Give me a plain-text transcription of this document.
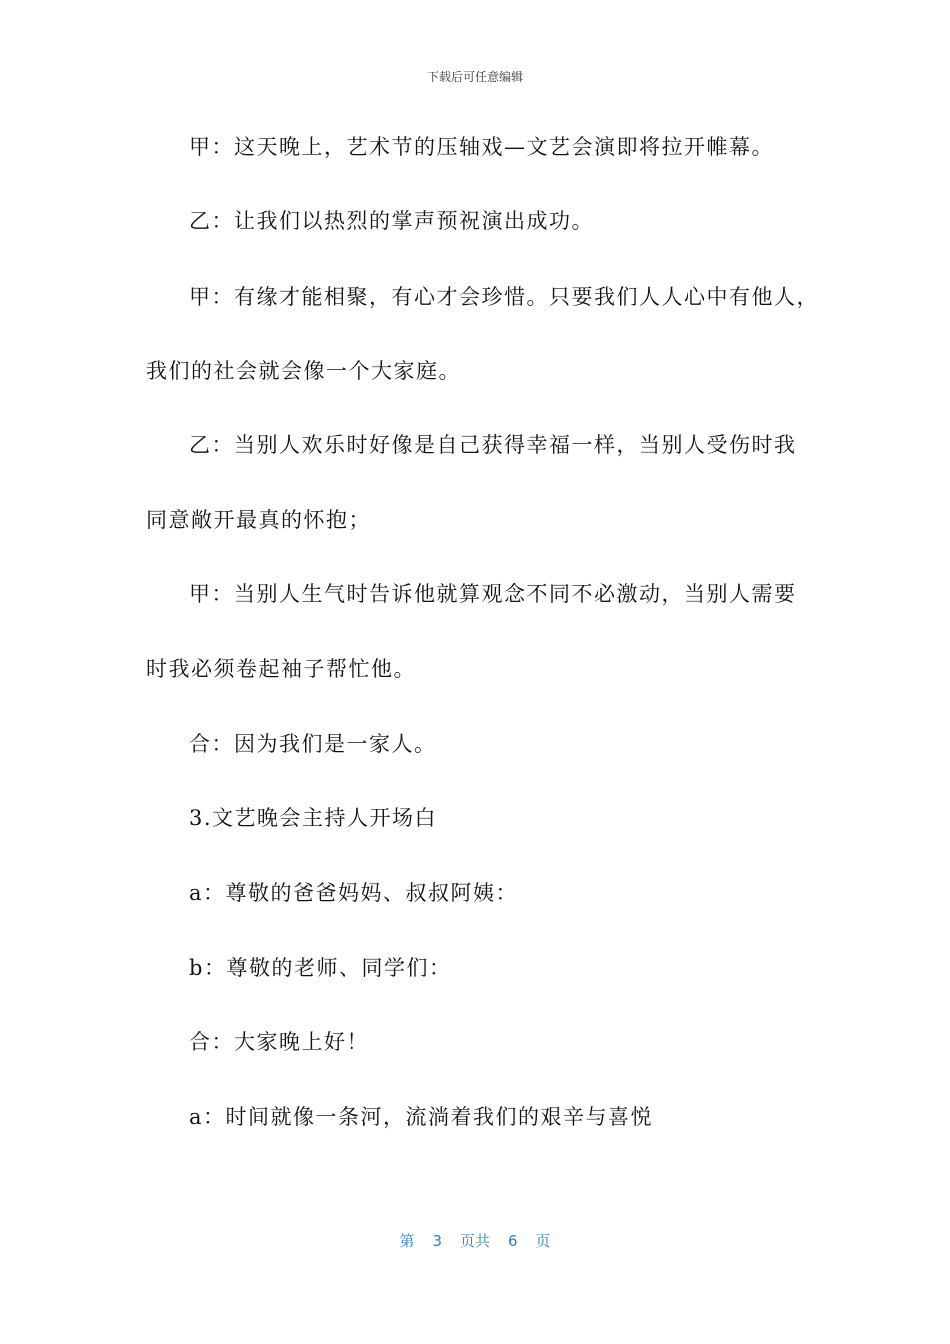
下载后可任意编辑
甲：这天晚上，艺术节的压轴戏—文艺会演即将拉开帷幕。
乙：让我们以热烈的掌声预祝演出成功。
甲：有缘才能相聚，有心才会珍惜。只要我们人人心中有他人，
我们的社会就会像一个大家庭。
乙：当别人欢乐时好像是自己获得幸福一样，当别人受伤时我
同意敞开最真的怀抱；
甲：当别人生气时告诉他就算观念不同不必激动，当别人需要
时我必须卷起袖子帮忙他。
合：因为我们是一家人。
3.文艺晚会主持人开场白
a：尊敬的爸爸妈妈、叔叔阿姨：
b：尊敬的老师、同学们：
合：大家晚上好！
a：时间就像一条河，流淌着我们的艰辛与喜悦
第 3 页共 6 页
